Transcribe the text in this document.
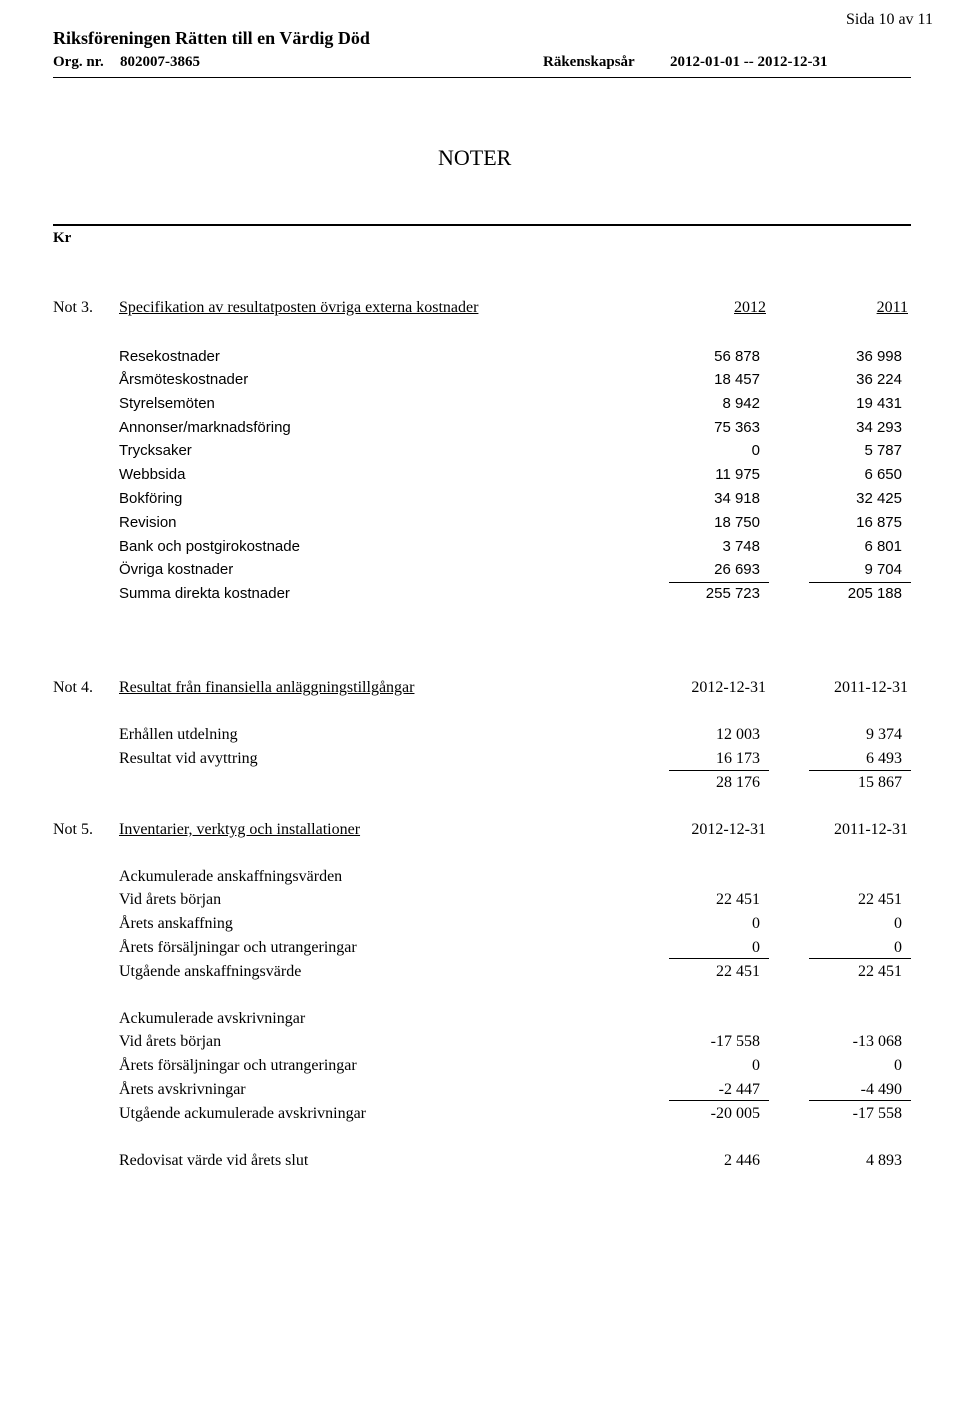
Sida 10 av 11
Riksföreningen Rätten till en Värdig Död
Org. nr. 802007-3865	Räkenskapsår 2012-01-01 -- 2012-12-31
NOTER
Kr
Not 3. Specifikation av resultatposten övriga externa kostnader	2012	2011
Resekostnader	56 878	36 998
Årsmöteskostnader	18 457	36 224
Styrelsemöten	8 942	19 431
Annonser/marknadsföring	75 363	34 293
Trycksaker	0	5 787
Webbsida	11 975	6 650
Bokföring	34 918	32 425
Revision	18 750	16 875
Bank och postgirokostnade	3 748	6 801
Övriga kostnader	26 693	9 704
Summa direkta kostnader	255 723	205 188
Not 4. Resultat från finansiella anläggningstillgångar	2012-12-31	2011-12-31
Erhållen utdelning	12 003	9 374
Resultat vid avyttring	16 173	6 493
28 176	15 867
Not 5. Inventarier, verktyg och installationer	2012-12-31	2011-12-31
Ackumulerade anskaffningsvärden
Vid årets början	22 451	22 451
Årets anskaffning	0	0
Årets försäljningar och utrangeringar	0	0
Utgående anskaffningsvärde	22 451	22 451
Ackumulerade avskrivningar
Vid årets början	-17 558	-13 068
Årets försäljningar och utrangeringar	0	0
Årets avskrivningar	-2 447	-4 490
Utgående ackumulerade avskrivningar	-20 005	-17 558
Redovisat värde vid årets slut	2 446	4 893
